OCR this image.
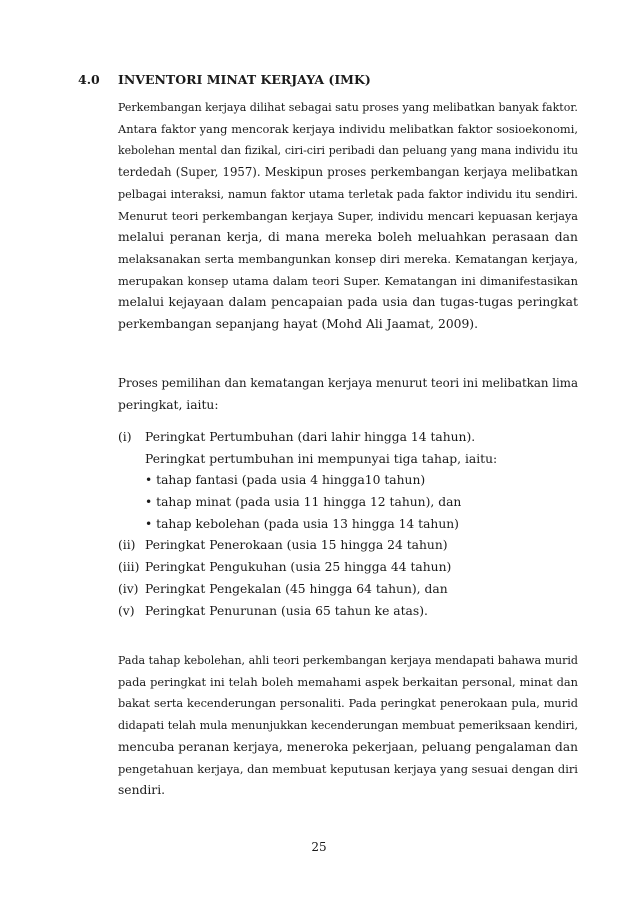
4.0 INVENTORI MINAT KERJAYA (IMK)
Perkembangan kerjaya dilihat sebagai satu proses yang melibatkan banyak faktor.
Antara faktor yang mencorak kerjaya individu melibatkan faktor sosioekonomi,
kebolehan mental dan fizikal, ciri-ciri peribadi dan peluang yang mana individu itu
terdedah (Super, 1957). Meskipun proses perkembangan kerjaya melibatkan
pelbagai interaksi, namun faktor utama terletak pada faktor individu itu sendiri.
Menurut teori perkembangan kerjaya Super, individu mencari kepuasan kerjaya
melalui peranan kerja, di mana mereka boleh meluahkan perasaan dan
melaksanakan serta membangunkan konsep diri mereka. Kematangan kerjaya,
merupakan konsep utama dalam teori Super. Kematangan ini dimanifestasikan
melalui kejayaan dalam pencapaian pada usia dan tugas-tugas peringkat
perkembangan sepanjang hayat (Mohd Ali Jaamat, 2009).
Proses pemilihan dan kematangan kerjaya menurut teori ini melibatkan lima
peringkat, iaitu:
(i) Peringkat Pertumbuhan (dari lahir hingga 14 tahun).
Peringkat pertumbuhan ini mempunyai tiga tahap, iaitu:
• tahap fantasi (pada usia 4 hingga10 tahun)
• tahap minat (pada usia 11 hingga 12 tahun), dan
• tahap kebolehan (pada usia 13 hingga 14 tahun)
(ii) Peringkat Penerokaan (usia 15 hingga 24 tahun)
(iii) Peringkat Pengukuhan (usia 25 hingga 44 tahun)
(iv) Peringkat Pengekalan (45 hingga 64 tahun), dan
(v) Peringkat Penurunan (usia 65 tahun ke atas).
Pada tahap kebolehan, ahli teori perkembangan kerjaya mendapati bahawa murid
pada peringkat ini telah boleh memahami aspek berkaitan personal, minat dan
bakat serta kecenderungan personaliti. Pada peringkat penerokaan pula, murid
didapati telah mula menunjukkan kecenderungan membuat pemeriksaan kendiri,
mencuba peranan kerjaya, meneroka pekerjaan, peluang pengalaman dan
pengetahuan kerjaya, dan membuat keputusan kerjaya yang sesuai dengan diri
sendiri.
25
